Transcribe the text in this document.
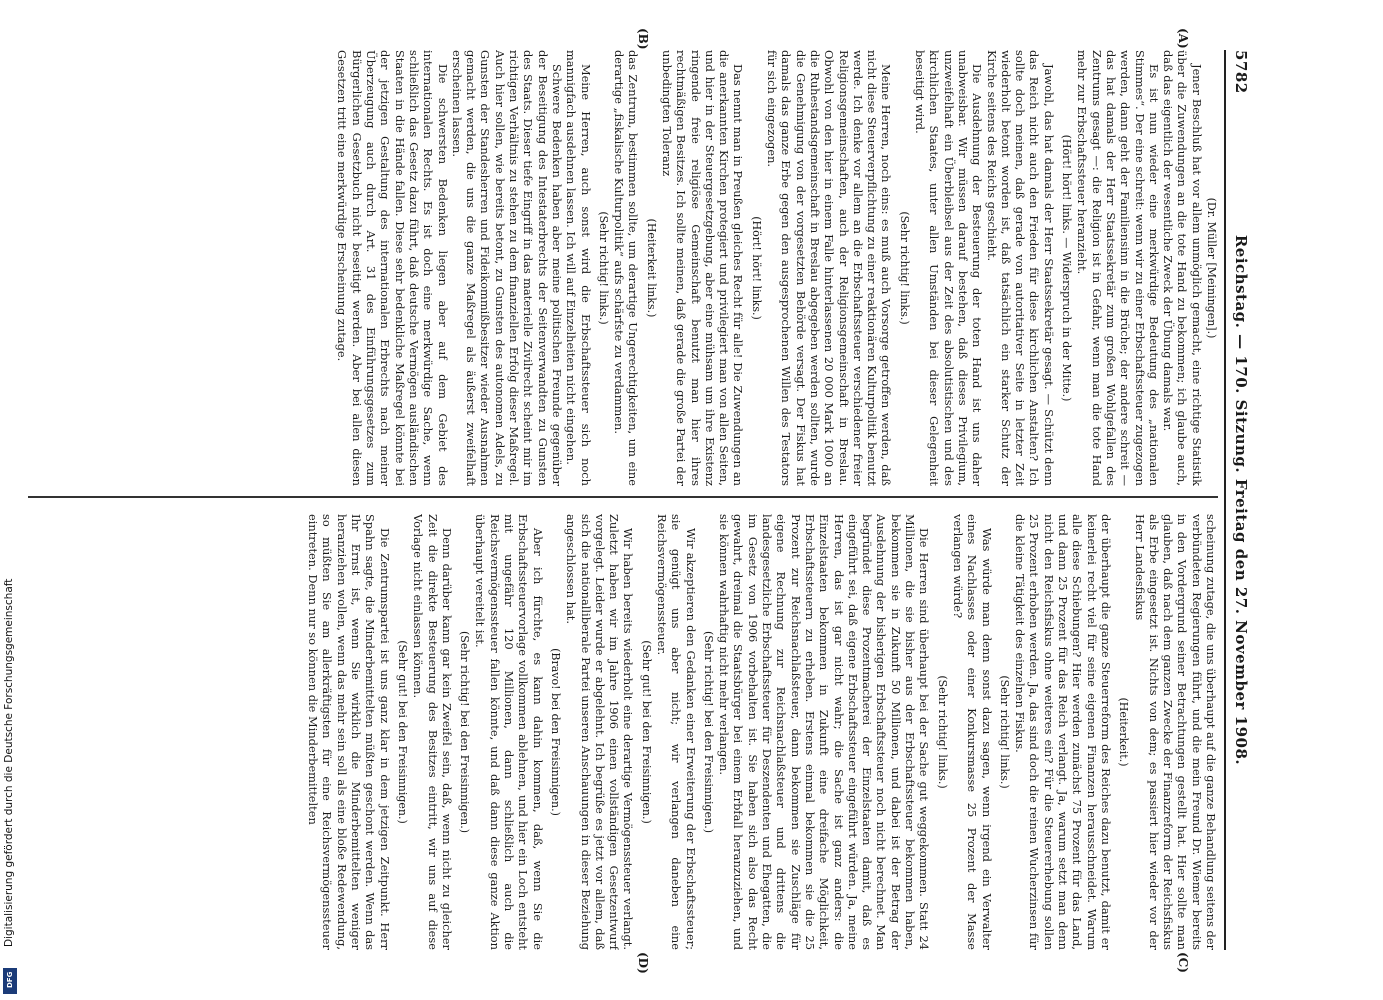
5782
Reichstag. — 170. Sitzung. Freitag den 27. November 1908.
(A)
(B)
(C)
(D)
(Dr. Müller [Meiningen].)

Jener Beschluß hat vor allem unmöglich gemacht, eine richtige Statistik über die Zuwendungen an die tote Hand zu bekommen; ich glaube auch, daß das eigentlich der wesentliche Zweck der Übung damals war.

Es ist nun wieder eine merkwürdige Bedeutung des „nationalen Stimmes“. Der eine schreit: wenn wir zu einer Erbschaftssteuer zugezogen werden, dann geht der Familiensinn in die Brüche; der andere schreit — das hat damals der Herr Staatssekretär zum großen Wohlgefallen des Zentrums gesagt —: die Religion ist in Gefahr, wenn man die tote Hand mehr zur Erbschaftssteuer heranzieht.

(Hört! hört! links. — Widerspruch in der Mitte.)

Jawohl, das hat damals der Herr Staatssekretär gesagt. — Schützt denn das Reich nicht auch den Frieden für diese kirchlichen Anstalten? Ich sollte doch meinen, daß gerade von autoritativer Seite in letzter Zeit wiederholt betont worden ist, daß tatsächlich ein starker Schutz der Kirche seitens des Reichs geschieht.

Die Ausdehnung der Besteuerung der toten Hand ist uns daher unabweisbar. Wir müssen darauf bestehen, daß dieses Privilegium, unzweifelhaft ein Überbleibsel aus der Zeit des absolutistischen und des kirchlichen Staates, unter allen Umständen bei dieser Gelegenheit beseitigt wird.

(Sehr richtig! links.)

Meine Herren, noch eins: es muß auch Vorsorge getroffen werden, daß nicht diese Steuerverpflichtung zu einer reaktionären Kulturpolitik benutzt werde. Ich denke vor allem an die Erbschaftssteuer verschiedener freier Religionsgemeinschaften, auch der Religionsgemeinschaft in Breslau. Obwohl von den hier in einem Falle hinterlassenen 20 000 Mark 1000 an die Ruhestandsgemeinschaft in Breslau abgegeben werden sollten, wurde die Genehmigung von der vorgesetzten Behörde versagt. Der Fiskus hat damals das ganze Erbe gegen den ausgesprochenen Willen des Testators für sich eingezogen.

(Hört! hört! links.)

Das nennt man in Preußen gleiches Recht für alle! Die Zuwendungen an die anerkannten Kirchen protegiert und privilegiert man von allen Seiten, und hier in der Steuergesetzgebung, aber eine mühsam um ihre Existenz ringende freie religiöse Gemeinschaft benutzt man hier ihres rechtmäßigen Besitzes. Ich sollte meinen, daß gerade die große Partei der unbedingten Toleranz

(Heiterkeit links.)

das Zentrum, bestimmen sollte, um derartige Ungerechtigkeiten, um eine derartige „fiskalische Kulturpolitik“ aufs schärfste zu verdammen.

(Sehr richtig! links.)

Meine Herren, auch sonst wird die Erbschaftssteuer sich noch mannigfach ausdehnen lassen. Ich will auf Einzelheiten nicht eingehen.

Schwere Bedenken haben aber meine politischen Freunde gegenüber der Beseitigung des Intestaterbrechts der Seitenverwandten zu Gunsten des Staats. Dieser tiefe Eingriff in das materielle Zivilrecht scheint mir im richtigen Verhältnis zu stehen zu dem finanziellen Erfolg dieser Maßregel. Auch hier sollen, wie bereits betont, zu Gunsten des autonomen Adels, zu Gunsten der Standesherren und Fideikommißbesitzer wieder Ausnahmen gemacht werden, die uns die ganze Maßregel als äußerst zweifelhaft erscheinen lassen.

Die schwersten Bedenken liegen aber auf dem Gebiet des internationalen Rechts. Es ist doch eine merkwürdige Sache, wenn schließlich das Gesetz dazu führt, daß deutsche Vermögen ausländischen Staaten in die Hände fallen. Diese sehr bedenkliche Maßregel könnte bei der jetzigen Gestaltung des internationalen Erbrechts nach meiner Überzeugung auch durch Art. 31 des Einführungsgesetzes zum Bürgerlichen Gesetzbuch nicht beseitigt werden. Aber bei allen diesen Gesetzen tritt eine merkwürdige Erscheinung zutage.

scheinung zutage, die uns überhaupt auf die ganze Behandlung seitens der verbündeten Regierungen führt, und die mein Freund Dr. Wiemer bereits in den Vordergrund seiner Betrachtungen gestellt hat. Hier sollte man glauben, daß nach dem ganzen Zwecke der Finanzreform der Reichsfiskus als Erbe eingesetzt ist. Nichts von dem; es passiert hier wieder vor der Herr Landesfiskus

(Heiterkeit.)

der überhaupt die ganze Steuerreform des Reiches dazu benutzt, damit er keinerlei recht viel für seine eigenen Finanzen herausschneidet. Warum alle diese Schiebungen? Hier werden zunächst 75 Prozent für das Land, und dann 25 Prozent für das Reich verlangt. Ja, warum setzt man denn nicht den Reichsfiskus ohne weiteres ein? Für die Steuererhebung sollen 25 Prozent erhoben werden. Ja, das sind doch die reinen Wucherzinsen für die kleine Tätigkeit des einzelnen Fiskus.

(Sehr richtig! links.)

Was würde man denn sonst dazu sagen, wenn irgend ein Verwalter eines Nachlasses oder einer Konkursmasse 25 Prozent der Masse verlangen würde?

(Sehr richtig! links.)

Die Herren sind überhaupt bei der Sache gut weggekommen. Statt 24 Millionen, die sie bisher aus der Erbschaftssteuer bekommen haben, bekommen sie in Zukunft 50 Millionen, und dabei ist der Betrag der Ausdehnung der bisherigen Erbschaftssteuer noch nicht berechnet. Man begründet diese Prozentmacherei der Einzelstaaten damit, daß es eingeführt sei, daß eigene Erbschaftssteuer eingeführt würden. Ja, meine Herren, das ist gar nicht wahr; die Sache ist ganz anders: die Einzelstaaten bekommen in Zukunft eine dreifache Möglichkeit, Erbschaftssteuern zu erheben. Erstens einmal bekommen sie die 25 Prozent zur Reichsnachlaßsteuer, dann bekommen sie Zuschläge für eigene Rechnung zur Reichsnachlaßsteuer und drittens die landesgesetzliche Erbschaftssteuer für Deszendenten und Ehegatten, die im Gesetz von 1906 vorbehalten ist. Sie haben sich also das Recht gewahrt, dreimal die Staatsbürger bei einem Erbfall heranzuziehen, und sie können wahrhaftig nicht mehr verlangen.

(Sehr richtig! bei den Freisinnigen.)

Wir akzeptieren den Gedanken einer Erweiterung der Erbschaftssteuer; sie genügt uns aber nicht; wir verlangen daneben eine Reichsvermögenssteuer.

(Sehr gut! bei den Freisinnigen.)

Wir haben bereits wiederholt eine derartige Vermögenssteuer verlangt. Zuletzt haben wir im Jahre 1906 einen vollständigen Gesetzentwurf vorgelegt. Leider wurde er abgelehnt. Ich begrüße es jetzt vor allem, daß sich die nationalliberale Partei unseren Anschauungen in dieser Beziehung angeschlossen hat.

(Bravo! bei den Freisinnigen.)

Aber ich fürchte, es kann dahin kommen, daß, wenn Sie die Erbschaftssteuervorlage vollkommen ablehnen, und hier ein Loch entsteht mit ungefähr 120 Millionen, dann schließlich auch die Reichsvermögenssteuer fallen könnte, und daß dann diese ganze Aktion überhaupt vereitelt ist.

(Sehr richtig! bei den Freisinnigen.)

Denn darüber kann gar kein Zweifel sein, daß, wenn nicht zu gleicher Zeit die direkte Besteuerung des Besitzes eintritt, wir uns auf diese Vorlage nicht einlassen können.

(Sehr gut! bei den Freisinnigen.)

Die Zentrumspartei ist uns ganz klar in dem jetzigen Zeitpunkt. Herr Spahn sagte, die Minderbemittelten müßten geschont werden. Wenn das Ihr Ernst ist, wenn Sie wirklich die Minderbemittelten weniger heranziehen wollen, wenn das mehr sein soll als eine bloße Redewendung, so müßten Sie am allerkräftigsten für eine Reichsvermögenssteuer eintreten. Denn nur so können die Minderbemittelten

Digitalisierung gefördert durch die Deutsche Forschungsgemeinschaft
DFG
